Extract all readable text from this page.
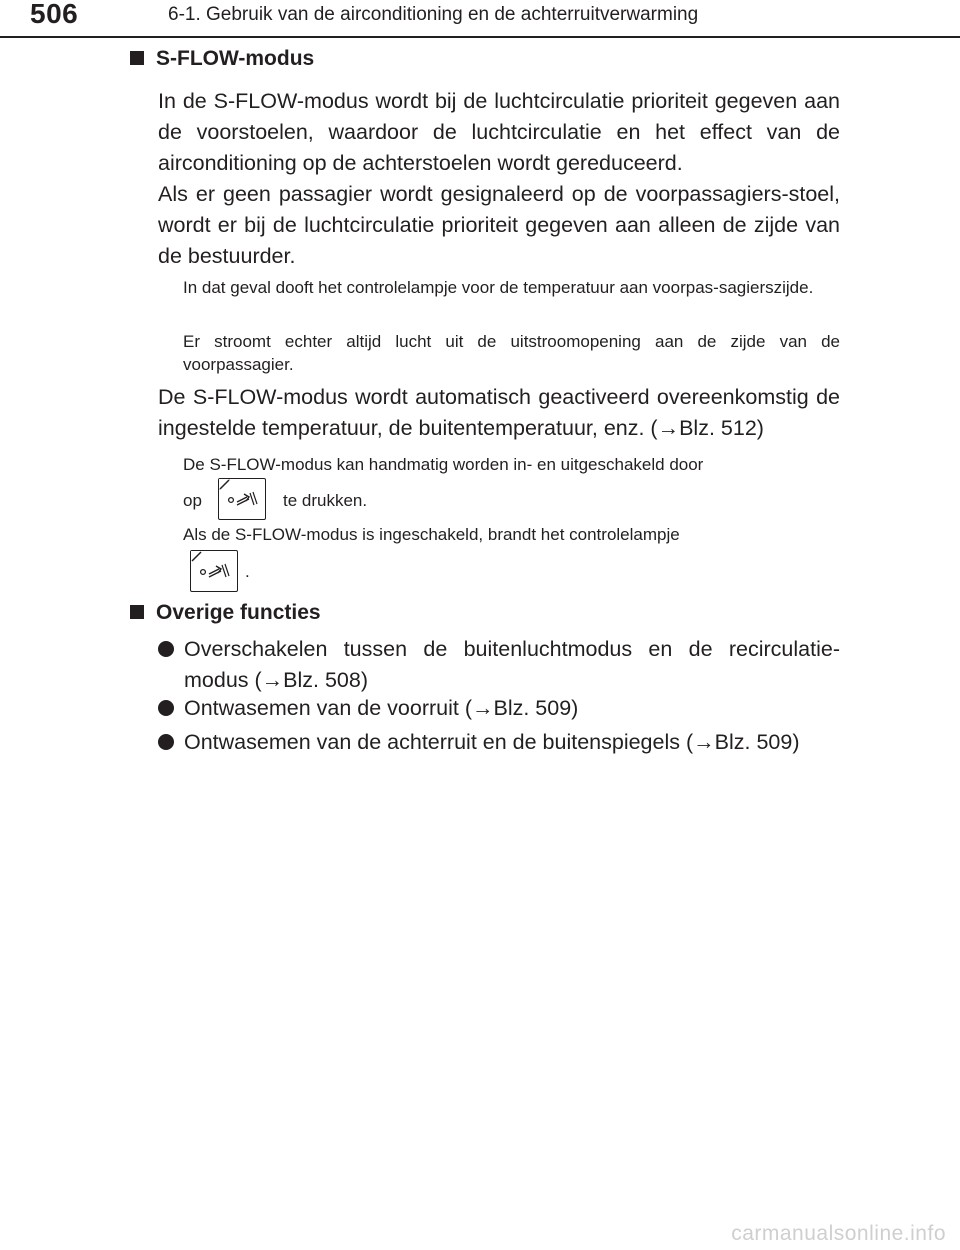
506	6-1. Gebruik van de airconditioning en de achterruitverwarming
S-FLOW-modus
In de S-FLOW-modus wordt bij de luchtcirculatie prioriteit gegeven aan de voorstoelen, waardoor de luchtcirculatie en het effect van de airconditioning op de achterstoelen wordt gereduceerd.
Als er geen passagier wordt gesignaleerd op de voorpassagiers-stoel, wordt er bij de luchtcirculatie prioriteit gegeven aan alleen de zijde van de bestuurder.
In dat geval dooft het controlelampje voor de temperatuur aan voorpas-sagierszijde.
Er stroomt echter altijd lucht uit de uitstroomopening aan de zijde van de voorpassagier.
De S-FLOW-modus wordt automatisch geactiveerd overeenkomstig de ingestelde temperatuur, de buitentemperatuur, enz. (→Blz. 512)
De S-FLOW-modus kan handmatig worden in- en uitgeschakeld door
op	te drukken.
Als de S-FLOW-modus is ingeschakeld, brandt het controlelampje
.
Overige functies
Overschakelen tussen de buitenluchtmodus en de recirculatie-modus (→Blz. 508)
Ontwasemen van de voorruit (→Blz. 509)
Ontwasemen van de achterruit en de buitenspiegels (→Blz. 509)
carmanualsonline.info
